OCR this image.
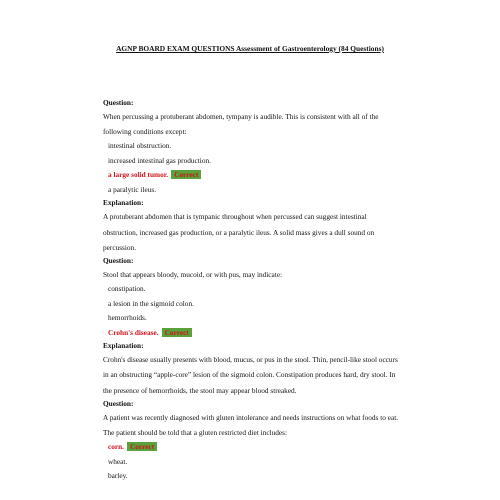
AGNP BOARD EXAM QUESTIONS Assessment of Gastroenterology (84 Questions)
Question:
When percussing a protuberant abdomen, tympany is audible. This is consistent with all of the following conditions except:
intestinal obstruction.
increased intestinal gas production.
a large solid tumor. Correct
a paralytic ileus.
Explanation:
A protuberant abdomen that is tympanic throughout when percussed can suggest intestinal obstruction, increased gas production, or a paralytic ileus. A solid mass gives a dull sound on percussion.
Question:
Stool that appears bloody, mucoid, or with pus, may indicate:
constipation.
a lesion in the sigmoid colon.
hemorrhoids.
Crohn's disease. Correct
Explanation:
Crohn's disease usually presents with blood, mucus, or pus in the stool. Thin, pencil-like stool occurs in an obstructing “apple-core” lesion of the sigmoid colon. Constipation produces hard, dry stool. In the presence of hemorrhoids, the stool may appear blood streaked.
Question:
A patient was recently diagnosed with gluten intolerance and needs instructions on what foods to eat. The patient should be told that a gluten restricted diet includes:
corn. Correct
wheat.
barley.
